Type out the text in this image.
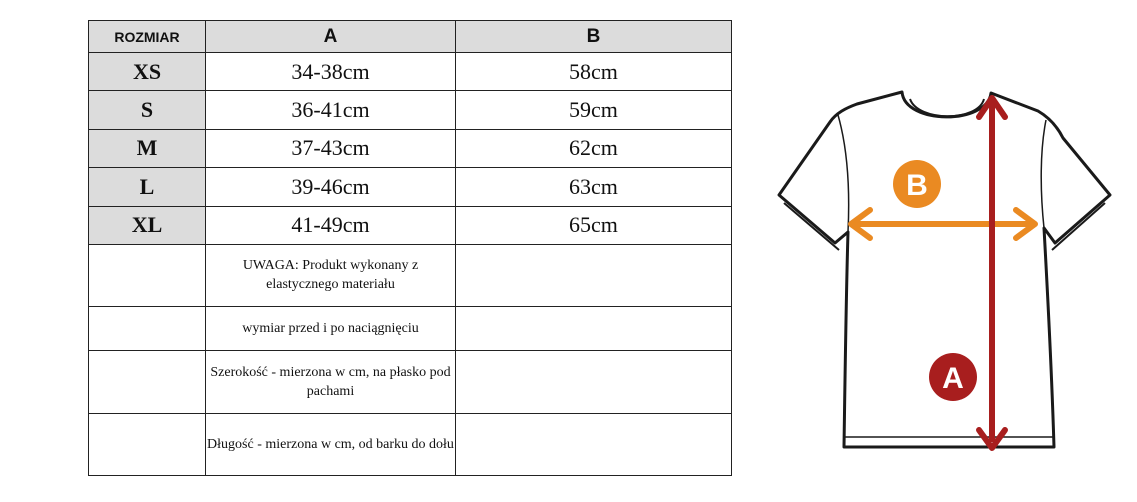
ROZMIAR	A	B
XS	34-38cm	58cm
S	36-41cm	59cm
M	37-43cm	62cm
L	39-46cm	63cm
XL	41-49cm	65cm
	UWAGA: Produkt wykonany z elastycznego materiału	
	wymiar przed i po naciągnięciu	
	Szerokość - mierzona w cm, na płasko pod pachami	
	Długość - mierzona w cm, od barku do dołu	
B
A
